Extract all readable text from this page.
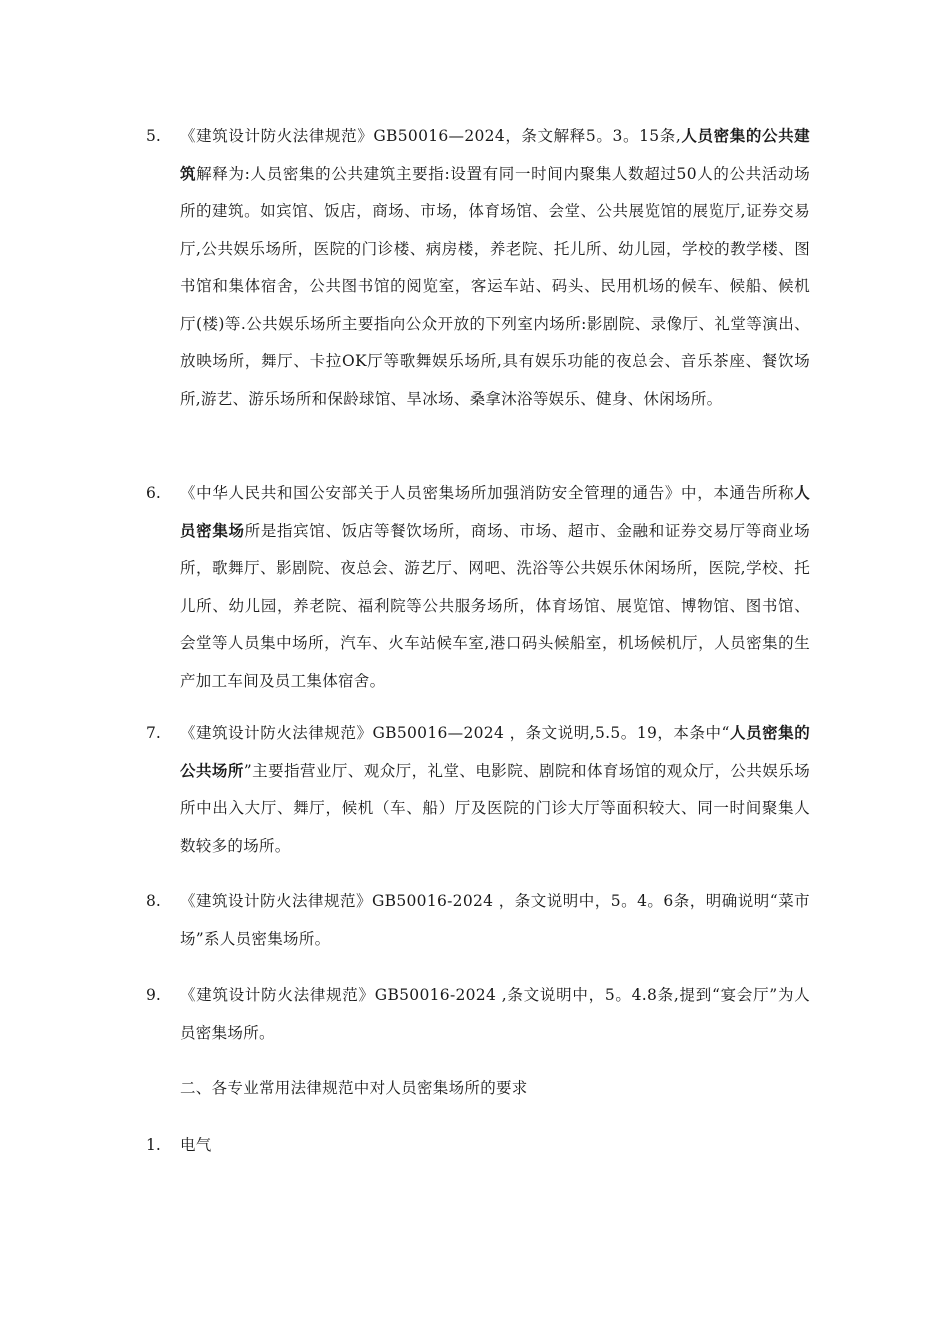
5. 《建筑设计防火法律规范》GB50016—2024，条文解释5。3。15条,人员密集的公共建筑解释为:人员密集的公共建筑主要指:设置有同一时间内聚集人数超过50人的公共活动场所的建筑。如宾馆、饭店，商场、市场，体育场馆、会堂、公共展览馆的展览厅,证券交易厅,公共娱乐场所，医院的门诊楼、病房楼，养老院、托儿所、幼儿园，学校的教学楼、图书馆和集体宿舍，公共图书馆的阅览室，客运车站、码头、民用机场的候车、候船、候机厅(楼)等.公共娱乐场所主要指向公众开放的下列室内场所:影剧院、录像厅、礼堂等演出、放映场所，舞厅、卡拉OK厅等歌舞娱乐场所,具有娱乐功能的夜总会、音乐茶座、餐饮场所,游艺、游乐场所和保龄球馆、旱冰场、桑拿沐浴等娱乐、健身、休闲场所。
6. 《中华人民共和国公安部关于人员密集场所加强消防安全管理的通告》中，本通告所称人员密集场所是指宾馆、饭店等餐饮场所，商场、市场、超市、金融和证券交易厅等商业场所，歌舞厅、影剧院、夜总会、游艺厅、网吧、洗浴等公共娱乐休闲场所，医院,学校、托儿所、幼儿园，养老院、福利院等公共服务场所，体育场馆、展览馆、博物馆、图书馆、会堂等人员集中场所，汽车、火车站候车室,港口码头候船室，机场候机厅，人员密集的生产加工车间及员工集体宿舍。
7. 《建筑设计防火法律规范》GB50016—2024 ，条文说明,5.5。19，本条中“人员密集的公共场所”主要指营业厅、观众厅，礼堂、电影院、剧院和体育场馆的观众厅，公共娱乐场所中出入大厅、舞厅，候机（车、船）厅及医院的门诊大厅等面积较大、同一时间聚集人数较多的场所。
8. 《建筑设计防火法律规范》GB50016-2024 ，条文说明中，5。4。6条，明确说明“菜市场”系人员密集场所。
9. 《建筑设计防火法律规范》GB50016-2024 ,条文说明中，5。4.8条,提到“宴会厅”为人员密集场所。
二、各专业常用法律规范中对人员密集场所的要求
1. 电气
